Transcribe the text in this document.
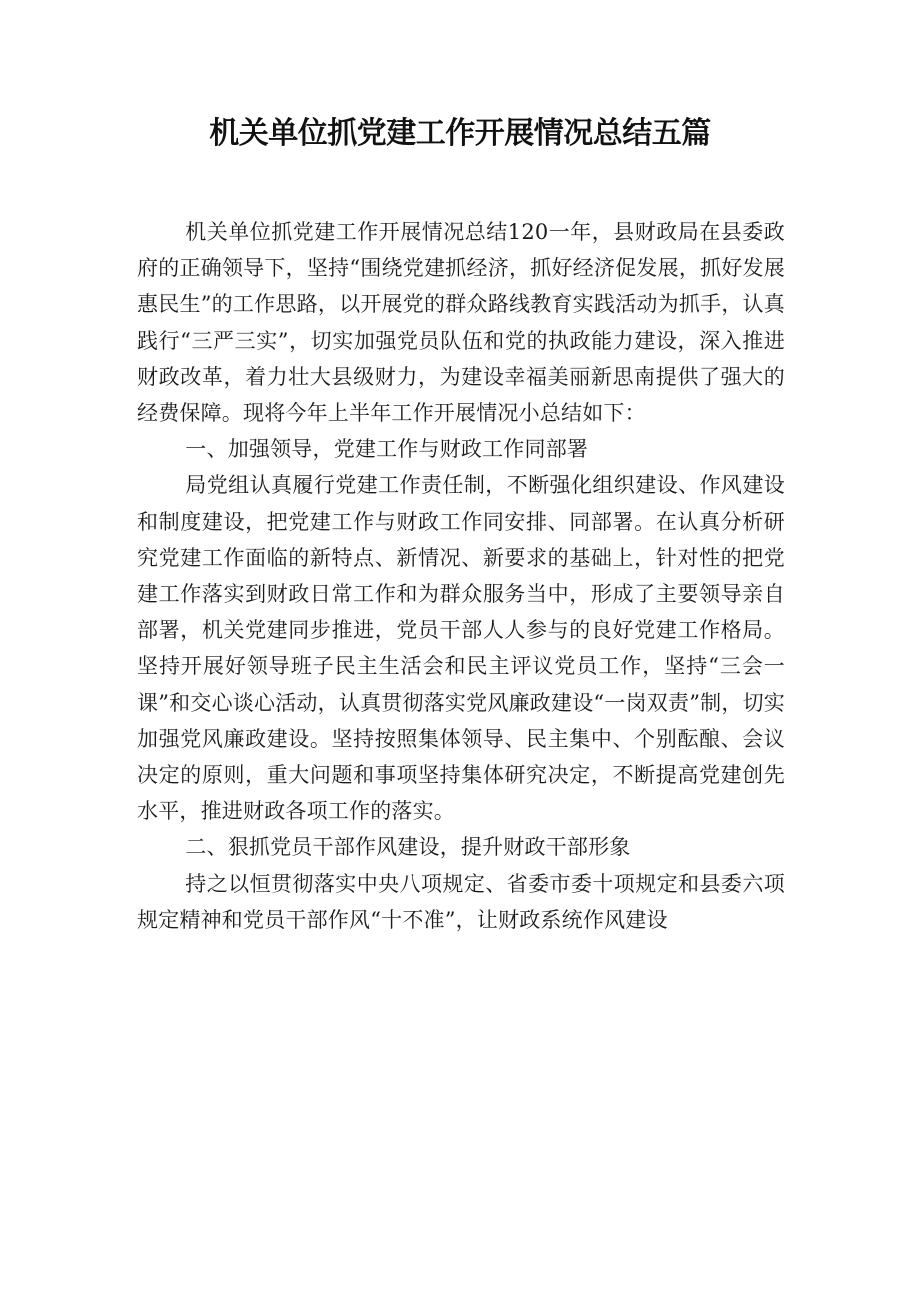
机关单位抓党建工作开展情况总结五篇

机关单位抓党建工作开展情况总结120一年，县财政局在县委政府的正确领导下，坚持“围绕党建抓经济，抓好经济促发展，抓好发展惠民生”的工作思路，以开展党的群众路线教育实践活动为抓手，认真践行“三严三实”，切实加强党员队伍和党的执政能力建设，深入推进财政改革，着力壮大县级财力，为建设幸福美丽新思南提供了强大的经费保障。现将今年上半年工作开展情况小总结如下：

一、加强领导，党建工作与财政工作同部署

局党组认真履行党建工作责任制，不断强化组织建设、作风建设和制度建设，把党建工作与财政工作同安排、同部署。在认真分析研究党建工作面临的新特点、新情况、新要求的基础上，针对性的把党建工作落实到财政日常工作和为群众服务当中，形成了主要领导亲自部署，机关党建同步推进，党员干部人人参与的良好党建工作格局。坚持开展好领导班子民主生活会和民主评议党员工作，坚持“三会一课”和交心谈心活动，认真贯彻落实党风廉政建设“一岗双责”制，切实加强党风廉政建设。坚持按照集体领导、民主集中、个别酝酿、会议决定的原则，重大问题和事项坚持集体研究决定，不断提高党建创先水平，推进财政各项工作的落实。

二、狠抓党员干部作风建设，提升财政干部形象

持之以恒贯彻落实中央八项规定、省委市委十项规定和县委六项规定精神和党员干部作风“十不准”，让财政系统作风建设
